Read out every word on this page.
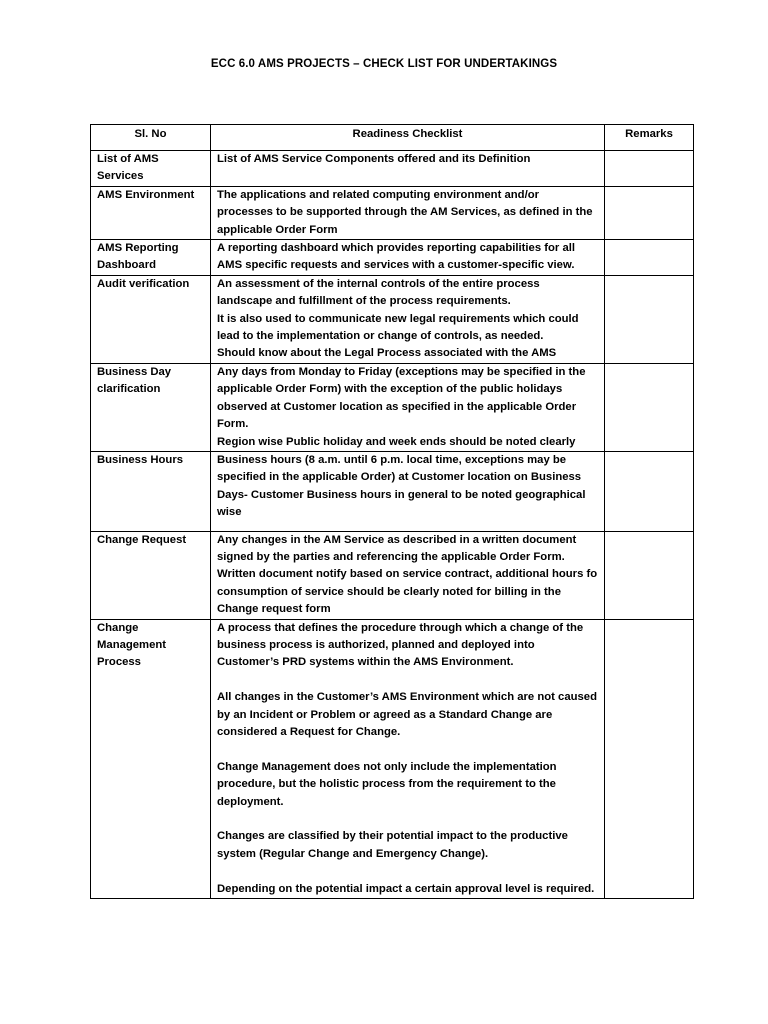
ECC 6.0 AMS PROJECTS – CHECK LIST FOR UNDERTAKINGS
Sl. No	Readiness Checklist	Remarks
List of AMS Services	List of AMS Service Components offered and its Definition	

AMS Environment	The applications and related computing environment and/or processes to be supported through the AM Services, as defined in the applicable Order Form	

AMS Reporting Dashboard	A reporting dashboard which provides reporting capabilities for all AMS specific requests and services with a customer-specific view.	

Audit verification	An assessment of the internal controls of the entire process landscape and fulfillment of the process requirements.
It is also used to communicate new legal requirements which could lead to the implementation or change of controls, as needed.
Should know about the Legal Process associated with the AMS	

Business Day clarification	Any days from Monday to Friday (exceptions may be specified in the applicable Order Form) with the exception of the public holidays observed at Customer location as specified in the applicable Order Form.
Region wise Public holiday and week ends should be noted clearly	

Business Hours	Business hours (8 a.m. until 6 p.m. local time, exceptions may be specified in the applicable Order) at Customer location on Business Days- Customer Business hours in general to be noted geographical wise	

Change Request	Any changes in the AM Service as described in a written document signed by the parties and referencing the applicable Order Form.
Written document notify based on service contract, additional hours fo consumption of service should be clearly noted for billing in the Change request form	

Change Management Process	A process that defines the procedure through which a change of the business process is authorized, planned and deployed into Customer’s PRD systems within the AMS Environment.

All changes in the Customer’s AMS Environment which are not caused by an Incident or Problem or agreed as a Standard Change are considered a Request for Change.

Change Management does not only include the implementation procedure, but the holistic process from the requirement to the deployment.

Changes are classified by their potential impact to the productive system (Regular Change and Emergency Change).

Depending on the potential impact a certain approval level is required.	
